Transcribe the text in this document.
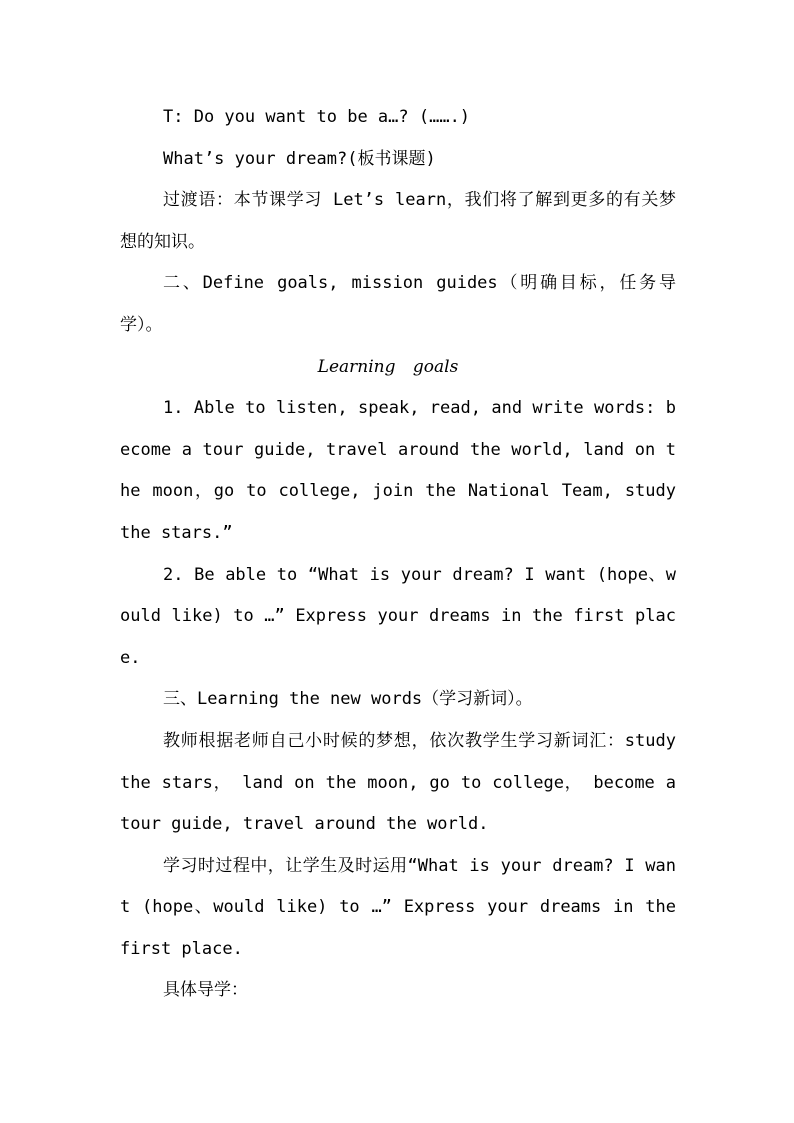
T: Do you want to be a…? (…….)

What’s your dream?(板书课题)

过渡语：本节课学习 Let’s learn，我们将了解到更多的有关梦想的知识。

二、Define goals, mission guides（明确目标，任务导学）。

Learning goals

1. Able to listen, speak, read, and write words: become a tour guide, travel around the world, land on the moon，go to college, join the National Team, study the stars.”

2. Be able to “What is your dream? I want (hope、would like) to …” Express your dreams in the first place.

三、Learning the new words（学习新词）。

教师根据老师自己小时候的梦想，依次教学生学习新词汇：study the stars， land on the moon, go to college， become a tour guide, travel around the world.

学习时过程中，让学生及时运用“What is your dream? I want (hope、would like) to …” Express your dreams in the first place.

具体导学：
